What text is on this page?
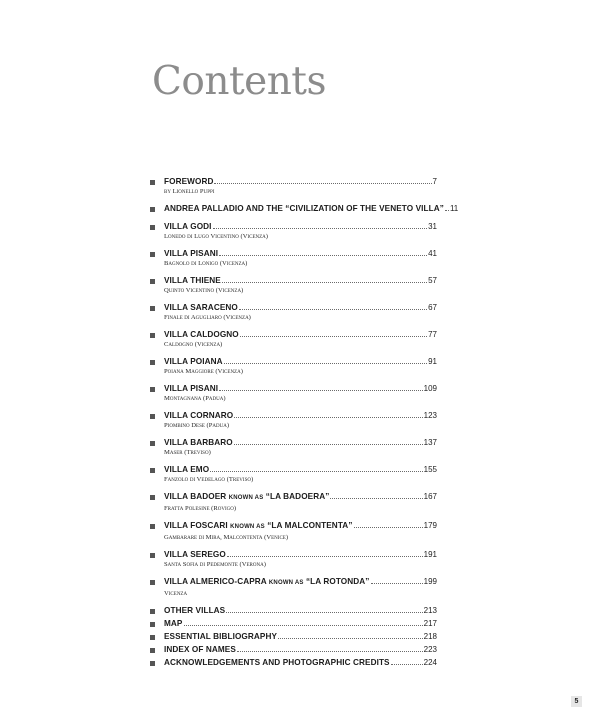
Contents
FOREWORD	7
by Lionello Puppi
ANDREA PALLADIO AND THE “CIVILIZATION OF THE VENETO VILLA” 11
VILLA GODI	31
Lonedo di Lugo Vicentino (Vicenza)
VILLA PISANI	41
Bagnolo di Lonigo (Vicenza)
VILLA THIENE	57
Quinto Vicentino (Vicenza)
VILLA SARACENO	67
Finale di Agugliaro (Vicenza)
VILLA CALDOGNO	77
Caldogno (Vicenza)
VILLA POIANA	91
Poiana Maggiore (Vicenza)
VILLA PISANI	109
Montagnana (Padua)
VILLA CORNARO	123
Piombino Dese (Padua)
VILLA BARBARO	137
Maser (Treviso)
VILLA EMO	155
Fanzolo di Vedelago (Treviso)
VILLA BADOER KNOWN AS “LA BADOERA”	167
Fratta Polesine (Rovigo)
VILLA FOSCARI KNOWN AS “LA MALCONTENTA”	179
Gambarare di Mira, Malcontenta (Venice)
VILLA SEREGO	191
Santa Sofia di Pedemonte (Verona)
VILLA ALMERICO-CAPRA KNOWN AS “LA ROTONDA”	199
Vicenza
OTHER VILLAS	213
MAP	217
ESSENTIAL BIBLIOGRAPHY	218
INDEX OF NAMES	223
ACKNOWLEDGEMENTS AND PHOTOGRAPHIC CREDITS	224
5
